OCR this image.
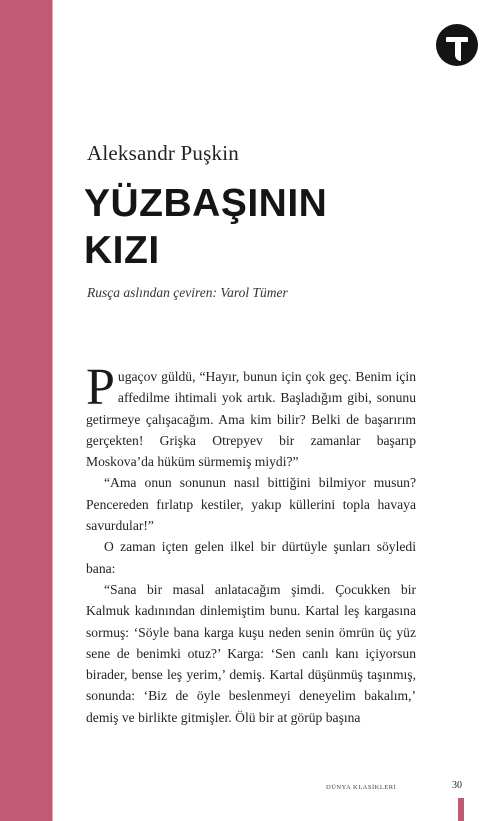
Aleksandr Puşkin
YÜZBAŞININ
KIZI
Rusça aslından çeviren: Varol Tümer

Pugaçov güldü, “Hayır, bunun için çok geç. Benim için affedilme ihtimali yok artık. Başladığım gibi, sonunu getirmeye çalışacağım. Ama kim bilir? Belki de başarırım gerçekten! Grişka Otrepyev bir zamanlar başarıp Moskova’da hüküm sürmemiş miydi?”

“Ama onun sonunun nasıl bittiğini bilmiyor musun? Pencereden fırlatıp kestiler, yakıp küllerini topla havaya savurdular!”

O zaman içten gelen ilkel bir dürtüyle şunları söyledi bana:

“Sana bir masal anlatacağım şimdi. Çocukken bir Kalmuk kadınından dinlemiştim bunu. Kartal leş kargasına sormuş: ‘Söyle bana karga kuşu neden senin ömrün üç yüz sene de benimki otuz?’ Karga: ‘Sen canlı kanı içiyorsun birader, bense leş yerim,’ demiş. Kartal düşünmüş taşınmış, sonunda: ‘Biz de öyle beslenmeyi deneyelim bakalım,’ demiş ve birlikte gitmişler. Ölü bir at görüp başına

DÜNYA KLASİKLERİ	30
